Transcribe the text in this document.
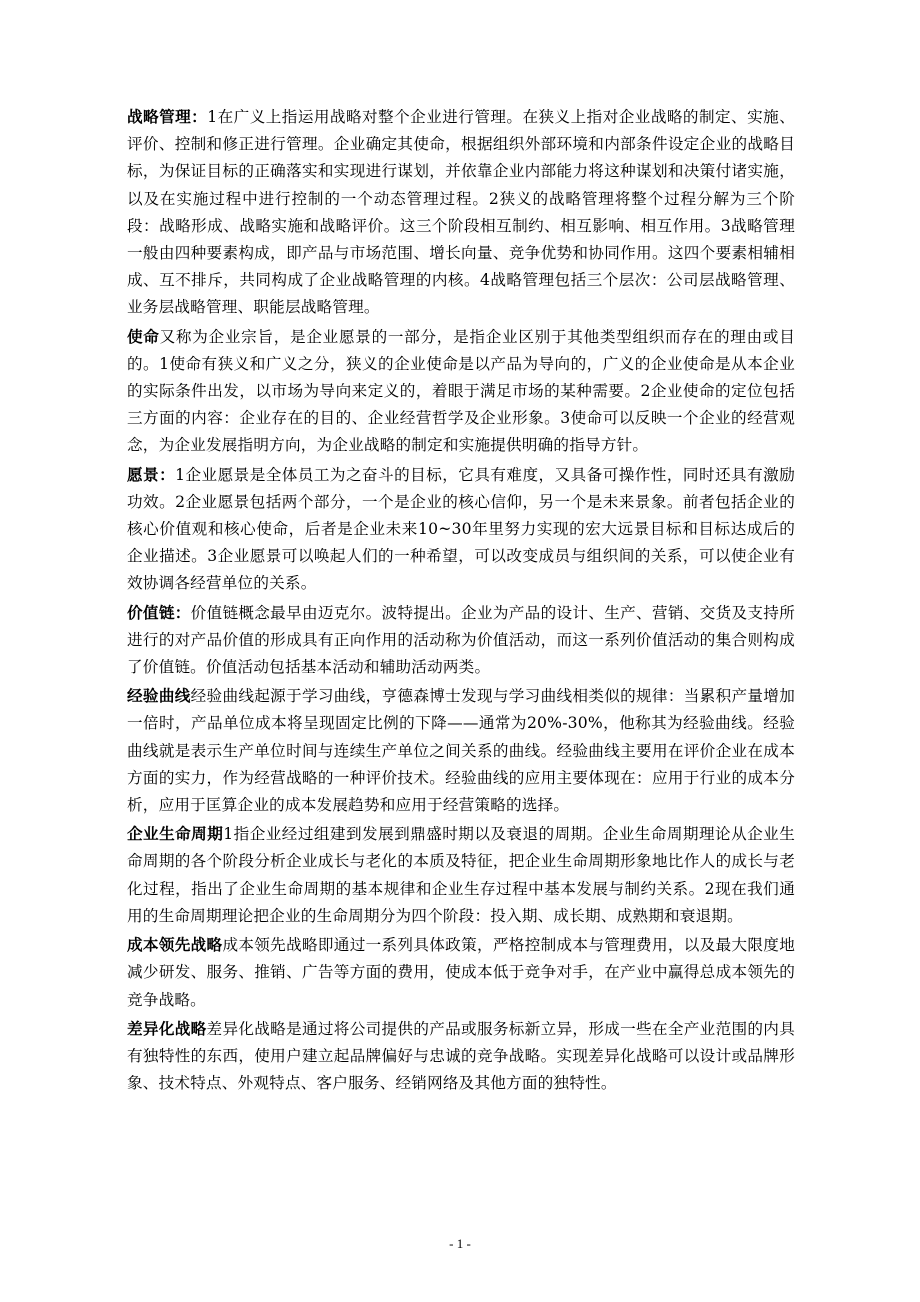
战略管理：1在广义上指运用战略对整个企业进行管理。在狭义上指对企业战略的制定、实施、评价、控制和修正进行管理。企业确定其使命，根据组织外部环境和内部条件设定企业的战略目标，为保证目标的正确落实和实现进行谋划，并依靠企业内部能力将这种谋划和决策付诸实施，以及在实施过程中进行控制的一个动态管理过程。2狭义的战略管理将整个过程分解为三个阶段：战略形成、战略实施和战略评价。这三个阶段相互制约、相互影响、相互作用。3战略管理一般由四种要素构成，即产品与市场范围、增长向量、竞争优势和协同作用。这四个要素相辅相成、互不排斥，共同构成了企业战略管理的内核。4战略管理包括三个层次：公司层战略管理、业务层战略管理、职能层战略管理。

使命又称为企业宗旨，是企业愿景的一部分，是指企业区别于其他类型组织而存在的理由或目的。1使命有狭义和广义之分，狭义的企业使命是以产品为导向的，广义的企业使命是从本企业的实际条件出发，以市场为导向来定义的，着眼于满足市场的某种需要。2企业使命的定位包括三方面的内容：企业存在的目的、企业经营哲学及企业形象。3使命可以反映一个企业的经营观念，为企业发展指明方向，为企业战略的制定和实施提供明确的指导方针。

愿景：1企业愿景是全体员工为之奋斗的目标，它具有难度，又具备可操作性，同时还具有激励功效。2企业愿景包括两个部分，一个是企业的核心信仰，另一个是未来景象。前者包括企业的核心价值观和核心使命，后者是企业未来10~30年里努力实现的宏大远景目标和目标达成后的企业描述。3企业愿景可以唤起人们的一种希望，可以改变成员与组织间的关系，可以使企业有效协调各经营单位的关系。

价值链：价值链概念最早由迈克尔。波特提出。企业为产品的设计、生产、营销、交货及支持所进行的对产品价值的形成具有正向作用的活动称为价值活动，而这一系列价值活动的集合则构成了价值链。价值活动包括基本活动和辅助活动两类。

经验曲线经验曲线起源于学习曲线，亨德森博士发现与学习曲线相类似的规律：当累积产量增加一倍时，产品单位成本将呈现固定比例的下降——通常为20%-30%，他称其为经验曲线。经验曲线就是表示生产单位时间与连续生产单位之间关系的曲线。经验曲线主要用在评价企业在成本方面的实力，作为经营战略的一种评价技术。经验曲线的应用主要体现在：应用于行业的成本分析，应用于匡算企业的成本发展趋势和应用于经营策略的选择。

企业生命周期1指企业经过组建到发展到鼎盛时期以及衰退的周期。企业生命周期理论从企业生命周期的各个阶段分析企业成长与老化的本质及特征，把企业生命周期形象地比作人的成长与老化过程，指出了企业生命周期的基本规律和企业生存过程中基本发展与制约关系。2现在我们通用的生命周期理论把企业的生命周期分为四个阶段：投入期、成长期、成熟期和衰退期。

成本领先战略成本领先战略即通过一系列具体政策，严格控制成本与管理费用，以及最大限度地减少研发、服务、推销、广告等方面的费用，使成本低于竞争对手，在产业中赢得总成本领先的竞争战略。

差异化战略差异化战略是通过将公司提供的产品或服务标新立异，形成一些在全产业范围的内具有独特性的东西，使用户建立起品牌偏好与忠诚的竞争战略。实现差异化战略可以设计或品牌形象、技术特点、外观特点、客户服务、经销网络及其他方面的独特性。

- 1 -
